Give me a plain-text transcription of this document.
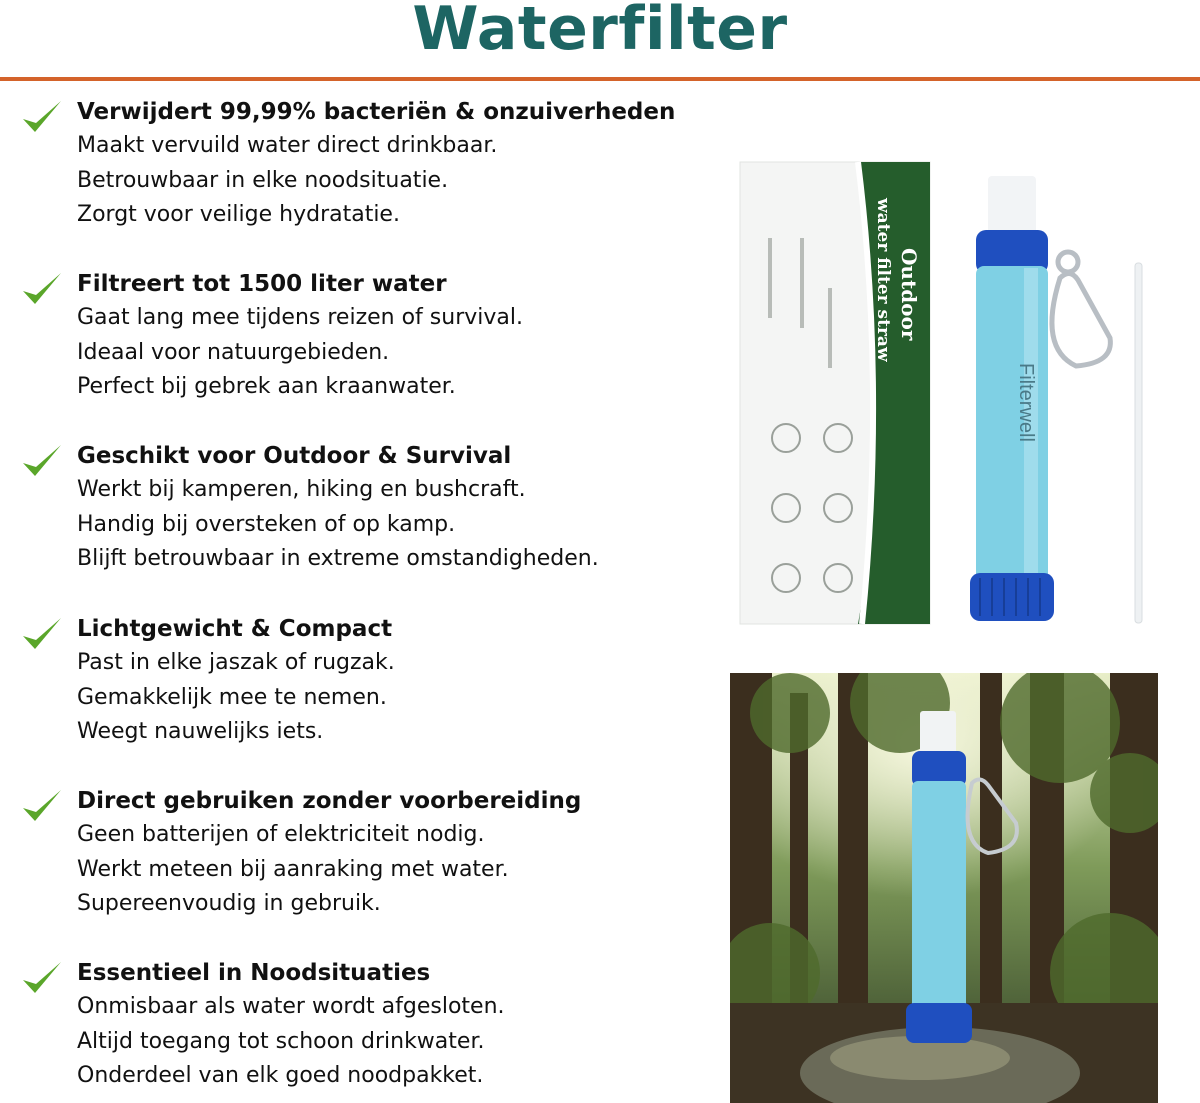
Waterfilter
Verwijdert 99,99% bacteriën & onzuiverheden
Maakt vervuild water direct drinkbaar.
Betrouwbaar in elke noodsituatie.
Zorgt voor veilige hydratatie.
Filtreert tot 1500 liter water
Gaat lang mee tijdens reizen of survival.
Ideaal voor natuurgebieden.
Perfect bij gebrek aan kraanwater.
Geschikt voor Outdoor & Survival
Werkt bij kamperen, hiking en bushcraft.
Handig bij oversteken of op kamp.
Blijft betrouwbaar in extreme omstandigheden.
Lichtgewicht & Compact
Past in elke jaszak of rugzak.
Gemakkelijk mee te nemen.
Weegt nauwelijks iets.
Direct gebruiken zonder voorbereiding
Geen batterijen of elektriciteit nodig.
Werkt meteen bij aanraking met water.
Supereenvoudig in gebruik.
Essentieel in Noodsituaties
Onmisbaar als water wordt afgesloten.
Altijd toegang tot schoon drinkwater.
Onderdeel van elk goed noodpakket.
Outdoor
water filter straw
Filterwell
